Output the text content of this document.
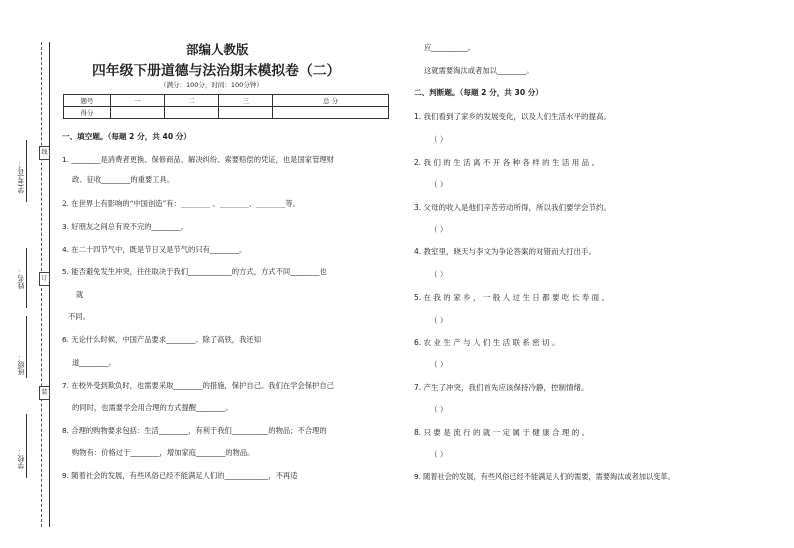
线
订
装
学(考)号：
姓名：
班级：
学校：
部编人教版
四年级下册道德与法治期末模拟卷（二）
（满分：100分，时间：100分钟）
题号	一	二	三	总 分
得分				
一、填空题。（每题 2 分，共 40 分）
1. ________是消费者更换、保修商品、解决纠纷、索要赔偿的凭证，也是国家管理财
政、征收________的重要工具。
2. 在世界上有影响的“中国创造”有：________ 、________、________等。
3. 好朋友之间总有说不完的________。
4. 在二十四节气中，既是节日又是节气的只有________。
5. 能否避免发生冲突，往往取决于我们____________的方式，方式不同________也
就
不同。
6. 无论什么时候，中国产品要求________。除了高铁，我还知
道________。
7. 在校外受到欺负时，也需要采取________的措施，保护自己。我们在学会保护自己
的同时，也需要学会用合理的方式提醒________。
8. 合理的购物要求包括：生活________，有利于我们__________的物品；不合理的
购物有：价格过于________，增加家庭________的物品。
9. 随着社会的发展，有些风俗已经不能满足人们的____________，不再适
应__________。
这就需要淘汰或者加以________。
二、判断题。（每题 2 分，共 30 分）
1. 我们看到了家乡的发展变化，以及人们生活水平的提高。
（ ）
2. 我 们 的 生 活 离 不 开 各 种 各 样 的 生 活 用 品 。
（ ）
3. 父母的收入是他们辛苦劳动所得，所以我们要学会节约。
（ ）
4. 教室里，晓天与李文为争论答案的对错而大打出手。
（ ）
5. 在 我 的 家 乡 ， 一 般 人 过 生 日 都 要 吃 长 寿 面 。
（ ）
6. 农 业 生 产 与 人 们 生 活 联 系 密 切 。
（ ）
7. 产生了冲突，我们首先应该保持冷静，控制情绪。
（ ）
8. 只 要 是 流 行 的 就 一 定 属 于 健 康 合 理 的 。
（ ）
9. 随着社会的发展，有些风俗已经不能满足人们的需要，需要淘汰或者加以变革。
